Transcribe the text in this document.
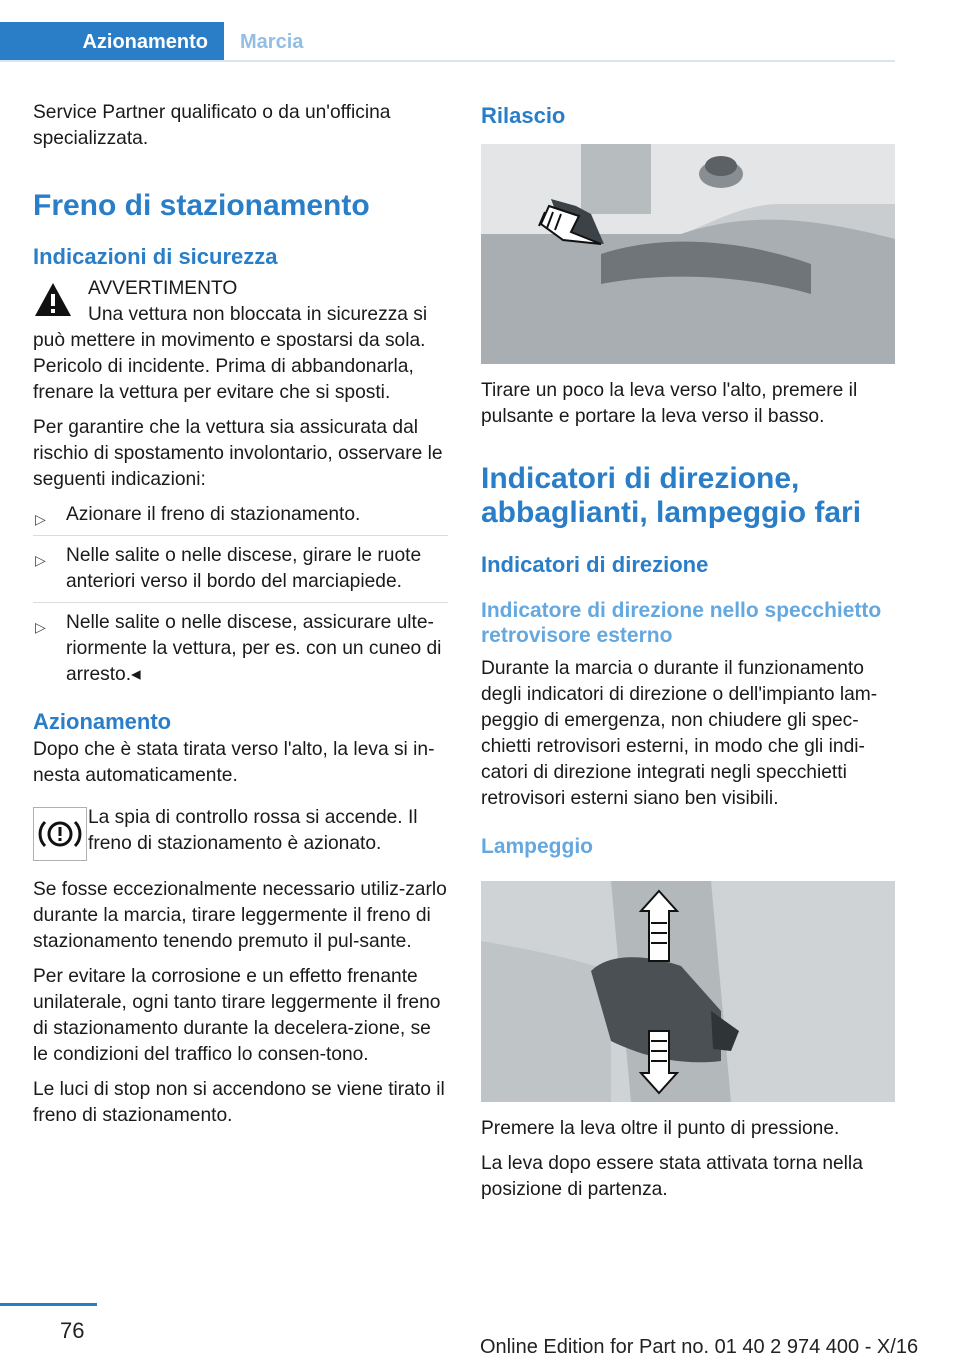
Azionamento	Marcia

Service Partner qualificato o da un'officina specializzata.

Freno di stazionamento
Indicazioni di sicurezza

AVVERTIMENTO

Una vettura non bloccata in sicurezza si

può mettere in movimento e spostarsi da sola. Pericolo di incidente. Prima di abbandonarla, frenare la vettura per evitare che si sposti.

Per garantire che la vettura sia assicurata dal rischio di spostamento involontario, osservare le seguenti indicazioni:

▷ Azionare il freno di stazionamento.
▷ Nelle salite o nelle discese, girare le ruote anteriori verso il bordo del marciapiede.
▷ Nelle salite o nelle discese, assicurare ulte‐riormente la vettura, per es. con un cuneo di arresto.◂
Azionamento

Dopo che è stata tirata verso l'alto, la leva si in‐nesta automaticamente.

La spia di controllo rossa si accende. Il freno di stazionamento è azionato.

Se fosse eccezionalmente necessario utiliz‐zarlo durante la marcia, tirare leggermente il freno di stazionamento tenendo premuto il pul‐sante.

Per evitare la corrosione e un effetto frenante unilaterale, ogni tanto tirare leggermente il freno di stazionamento durante la decelera‐zione, se le condizioni del traffico lo consen‐tono.

Le luci di stop non si accendono se viene tirato il freno di stazionamento.

Rilascio

Tirare un poco la leva verso l'alto, premere il pulsante e portare la leva verso il basso.

Indicatori di direzione, abbaglianti, lampeggio fari
Indicatori di direzione
Indicatore di direzione nello specchietto retrovisore esterno

Durante la marcia o durante il funzionamento degli indicatori di direzione o dell'impianto lam‐peggio di emergenza, non chiudere gli spec‐chietti retrovisori esterni, in modo che gli indi‐catori di direzione integrati negli specchietti retrovisori esterni siano ben visibili.

Lampeggio

Premere la leva oltre il punto di pressione.

La leva dopo essere stata attivata torna nella posizione di partenza.

76
Online Edition for Part no. 01 40 2 974 400 - X/16
